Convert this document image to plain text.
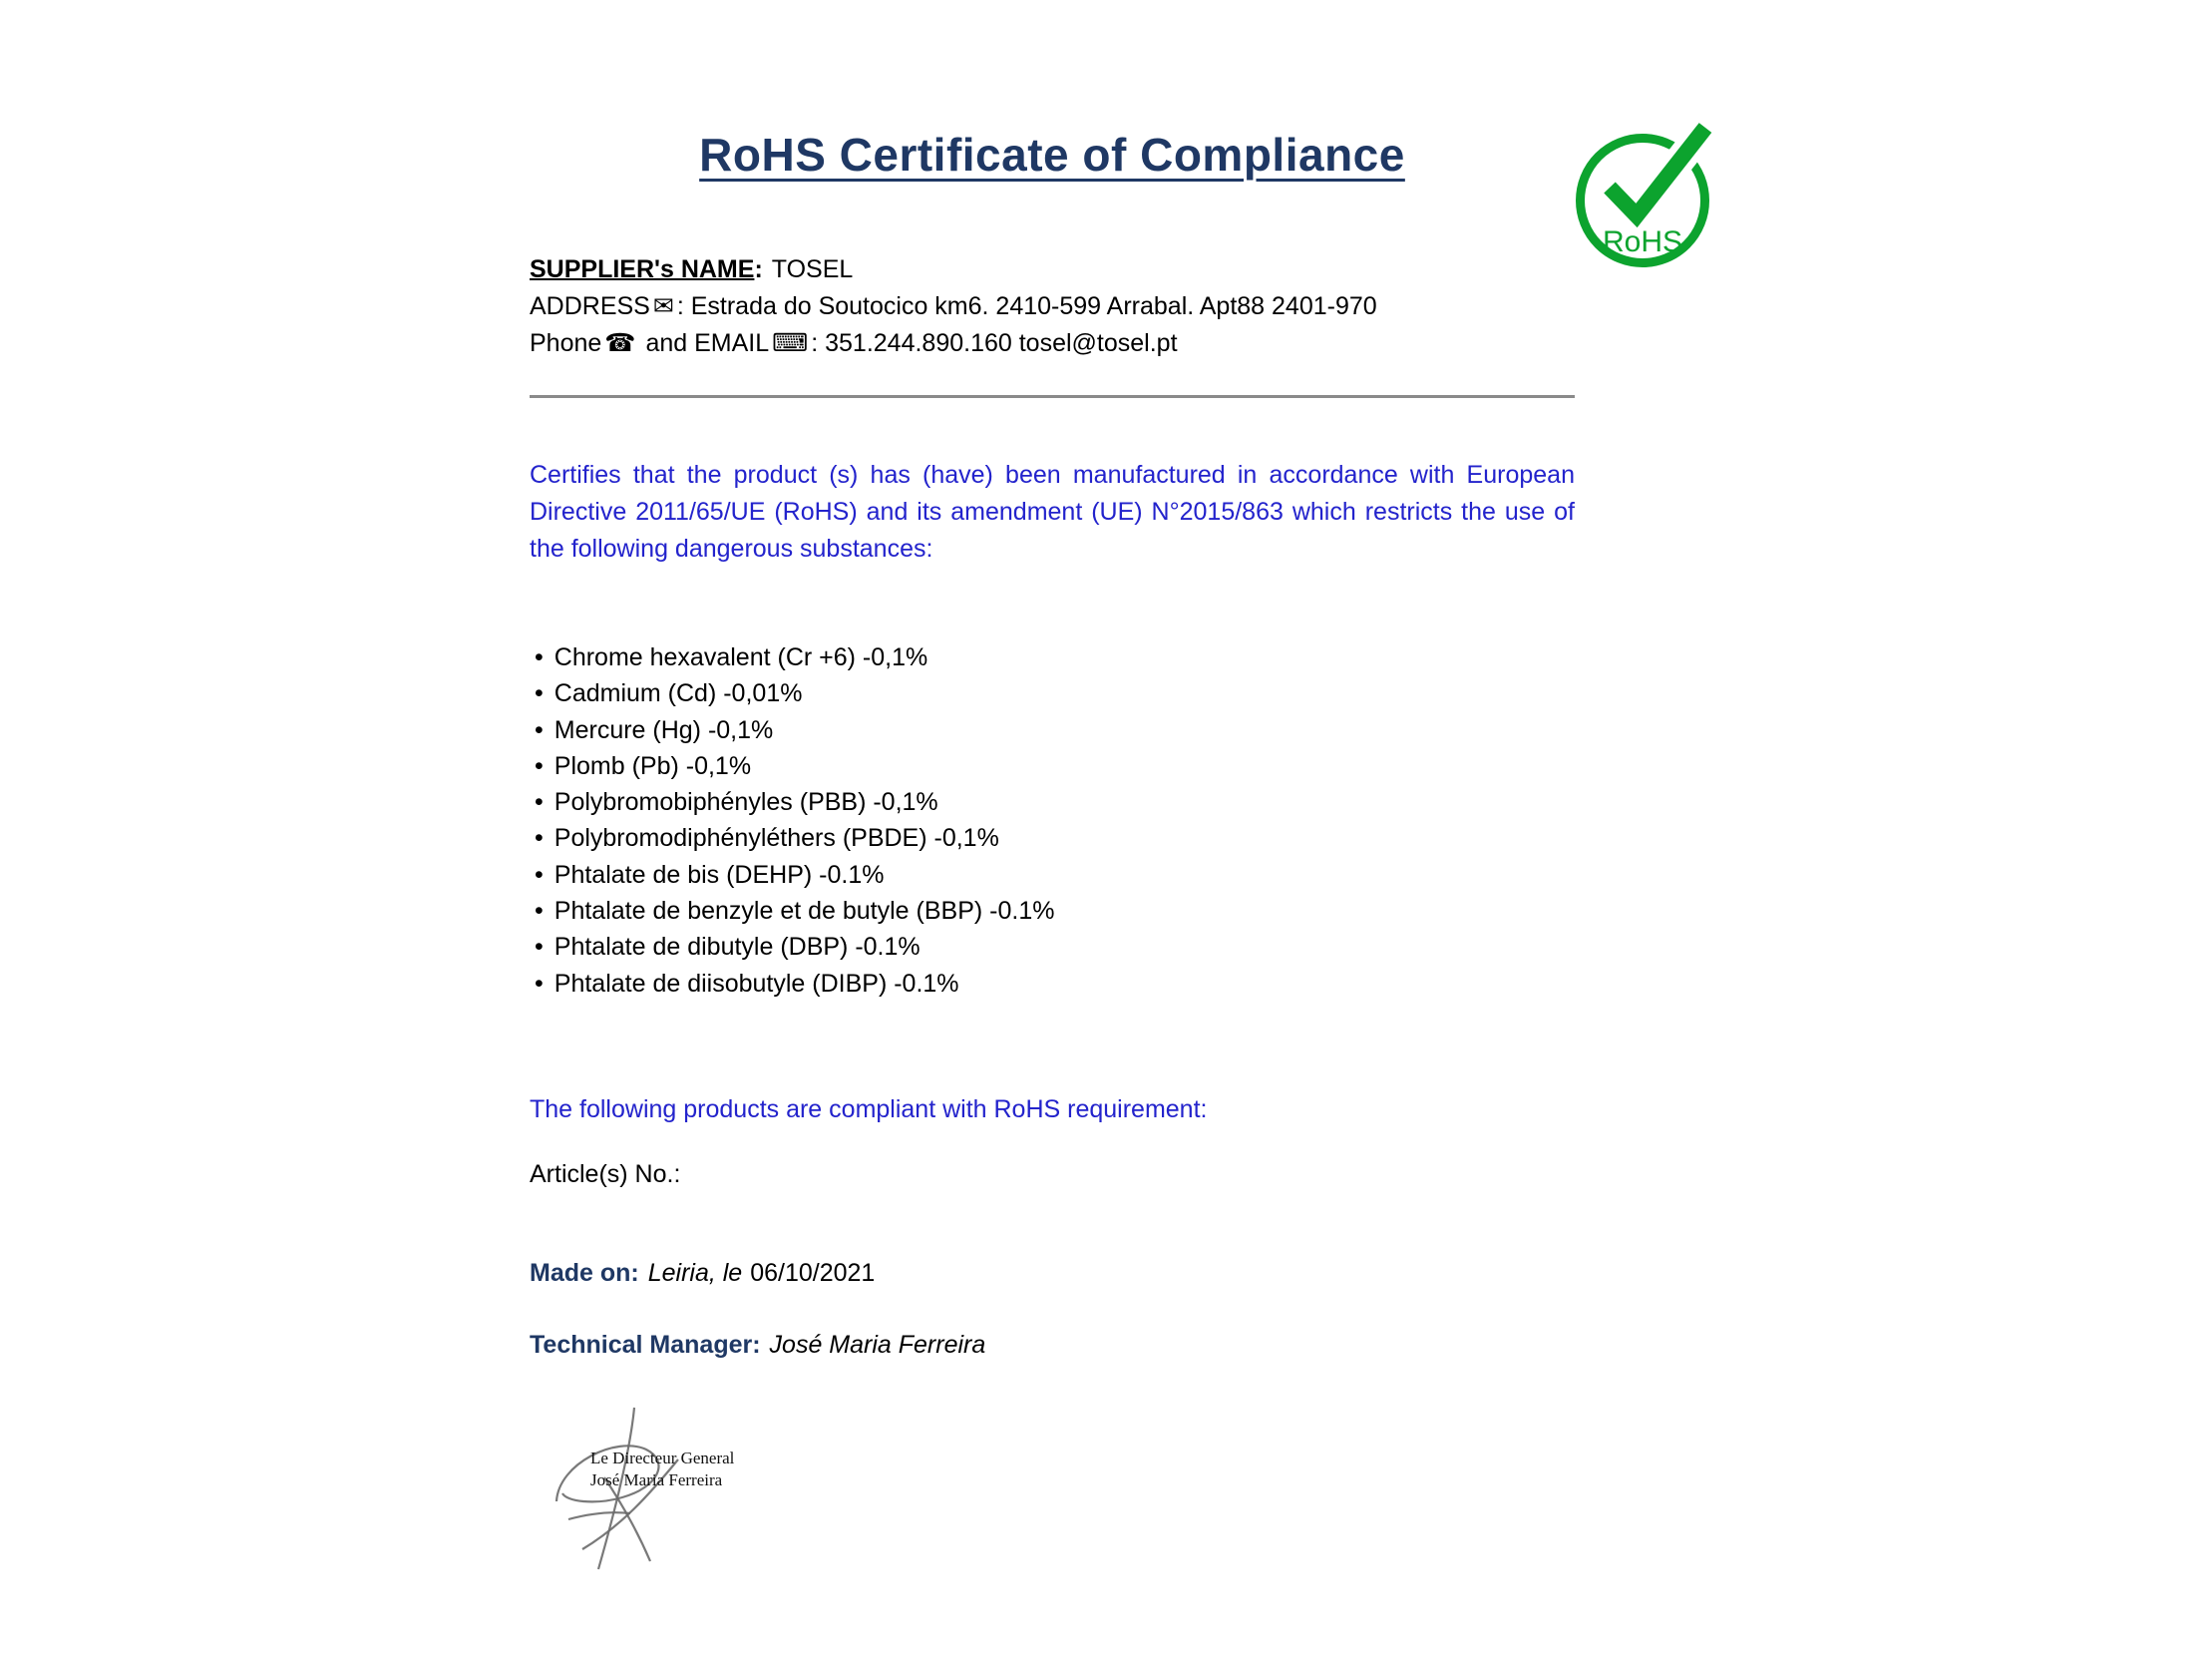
RoHS Certificate of Compliance
RoHS
SUPPLIER's NAME: TOSEL
ADDRESS ✉ : Estrada do Soutocico km6. 2410-599 Arrabal. Apt88 2401-970
Phone ☎ and EMAIL ⌨ : 351.244.890.160 tosel@tosel.pt

Certifies that the product (s) has (have) been manufactured in accordance with European Directive 2011/65/UE (RoHS) and its amendment (UE) N°2015/863 which restricts the use of the following dangerous substances:

• Chrome hexavalent (Cr +6) -0,1%
• Cadmium (Cd) -0,01%
• Mercure (Hg) -0,1%
• Plomb (Pb) -0,1%
• Polybromobiphényles (PBB) -0,1%
• Polybromodiphényléthers (PBDE) -0,1%
• Phtalate de bis (DEHP) -0.1%
• Phtalate de benzyle et de butyle (BBP) -0.1%
• Phtalate de dibutyle (DBP) -0.1%
• Phtalate de diisobutyle (DIBP) -0.1%
The following products are compliant with RoHS requirement:
Article(s) No.:
Made on: Leiria, le 06/10/2021
Technical Manager: José Maria Ferreira
Le Directeur General
José Maria Ferreira
